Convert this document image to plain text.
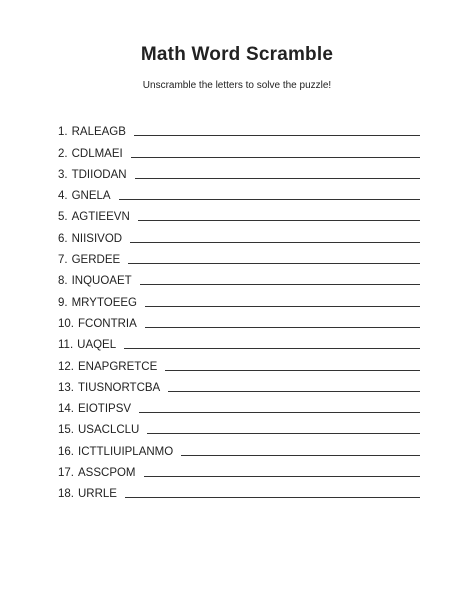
Math Word Scramble
Unscramble the letters to solve the puzzle!
1. RALEAGB
2. CDLMAEI
3. TDIIODAN
4. GNELA
5. AGTIEEVN
6. NIISIVOD
7. GERDEE
8. INQUOAET
9. MRYTOEEG
10. FCONTRIA
11. UAQEL
12. ENAPGRETCE
13. TIUSNORTCBA
14. EIOTIPSV
15. USACLCLU
16. ICTTLIUIPLANMO
17. ASSCPOM
18. URRLE
